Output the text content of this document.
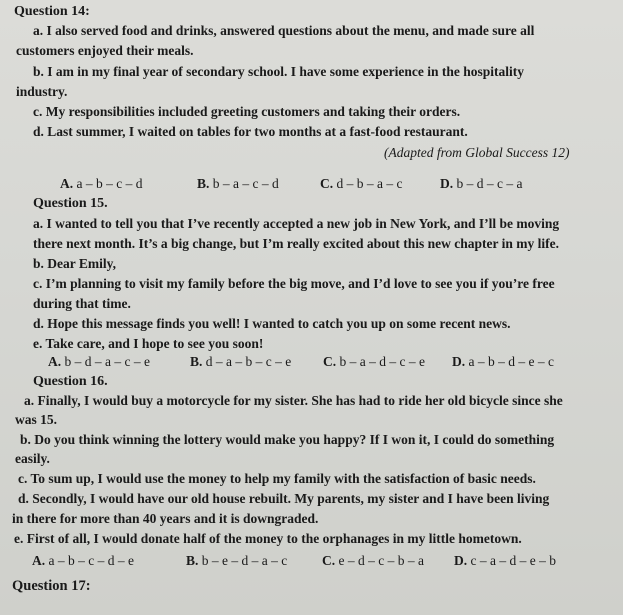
Question 14:
a. I also served food and drinks, answered questions about the menu, and made sure all
customers enjoyed their meals.
b. I am in my final year of secondary school. I have some experience in the hospitality
industry.
c. My responsibilities included greeting customers and taking their orders.
d. Last summer, I waited on tables for two months at a fast-food restaurant.
(Adapted from Global Success 12)
A. a – b – c – d	B. b – a – c – d	C. d – b – a – c	D. b – d – c – a
Question 15.
a. I wanted to tell you that I’ve recently accepted a new job in New York, and I’ll be moving
there next month. It’s a big change, but I’m really excited about this new chapter in my life.
b. Dear Emily,
c. I’m planning to visit my family before the big move, and I’d love to see you if you’re free
during that time.
d. Hope this message finds you well! I wanted to catch you up on some recent news.
e. Take care, and I hope to see you soon!
A. b – d – a – c – e	B. d – a – b – c – e C. b – a – d – c – e D. a – b – d – e – c
Question 16.
a. Finally, I would buy a motorcycle for my sister. She has had to ride her old bicycle since she
was 15.
b. Do you think winning the lottery would make you happy? If I won it, I could do something
easily.
c. To sum up, I would use the money to help my family with the satisfaction of basic needs.
d. Secondly, I would have our old house rebuilt. My parents, my sister and I have been living
in there for more than 40 years and it is downgraded.
e. First of all, I would donate half of the money to the orphanages in my little hometown.
A. a – b – c – d – e	B. b – e – d – a – c	C. e – d – c – b – a D. c – a – d – e – b
Question 17:
